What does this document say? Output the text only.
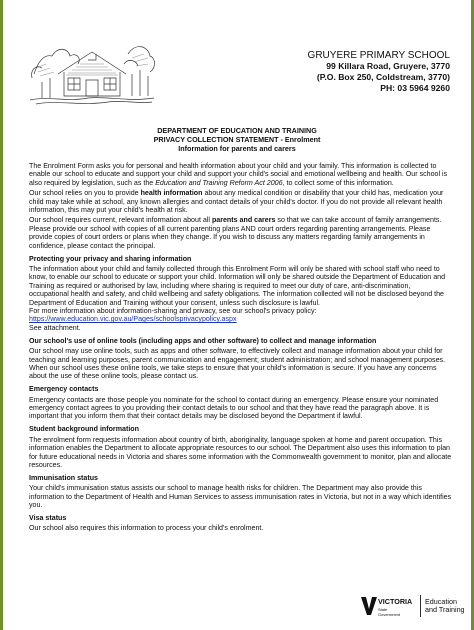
GRUYERE PRIMARY SCHOOL
99 Killara Road, Gruyere, 3770
(P.O. Box 250, Coldstream, 3770)
PH: 03 5964 9260
DEPARTMENT OF EDUCATION AND TRAINING
PRIVACY COLLECTION STATEMENT - Enrolment
Information for parents and carers

The Enrolment Form asks you for personal and health information about your child and your family. This information is collected to enable our school to educate and support your child and support your child's social and emotional wellbeing and health. Our school is also required by legislation, such as the Education and Training Reform Act 2006, to collect some of this information.

Our school relies on you to provide health information about any medical condition or disability that your child has, medication your child may take while at school, any known allergies and contact details of your child's doctor. If you do not provide all relevant health information, this may put your child's health at risk.

Our school requires current, relevant information about all parents and carers so that we can take account of family arrangements. Please provide our school with copies of all current parenting plans AND court orders regarding parenting arrangements. Please provide copies of court orders or plans when they change. If you wish to discuss any matters regarding family arrangements in confidence, please contact the principal.

Protecting your privacy and sharing information

The information about your child and family collected through this Enrolment Form will only be shared with school staff who need to know, to enable our school to educate or support your child. Information will only be shared outside the Department of Education and Training as required or authorised by law, including where sharing is required to meet our duty of care, anti-discrimination, occupational health and safety, and child wellbeing and safety obligations. The information collected will not be disclosed beyond the Department of Education and Training without your consent, unless such disclosure is lawful.
For more information about information-sharing and privacy, see our school's privacy policy:
https://www.education.vic.gov.au/Pages/schoolsprivacypolicy.aspx
See attachment.

Our school's use of online tools (including apps and other software) to collect and manage information

Our school may use online tools, such as apps and other software, to effectively collect and manage information about your child for teaching and learning purposes, parent communication and engagement; student administration; and school management purposes. When our school uses these online tools, we take steps to ensure that your child's information is secure. If you have any concerns about the use of these online tools, please contact us.

Emergency contacts

Emergency contacts are those people you nominate for the school to contact during an emergency. Please ensure your nominated emergency contact agrees to you providing their contact details to our school and that they have read the paragraph above. It is important that you inform them that their contact details may be disclosed beyond the Department if lawful.

Student background information

The enrolment form requests information about country of birth, aboriginality, language spoken at home and parent occupation. This information enables the Department to allocate appropriate resources to our school. The Department also uses this information to plan for future educational needs in Victoria and shares some information with the Commonwealth government to monitor, plan and allocate resources.

Immunisation status

Your child's immunisation status assists our school to manage health risks for children. The Department may also provide this information to the Department of Health and Human Services to assess immunisation rates in Victoria, but not in a way which identifies you.

Visa status

Our school also requires this information to process your child's enrolment.

VICTORIA
State
Government
Education
and Training
